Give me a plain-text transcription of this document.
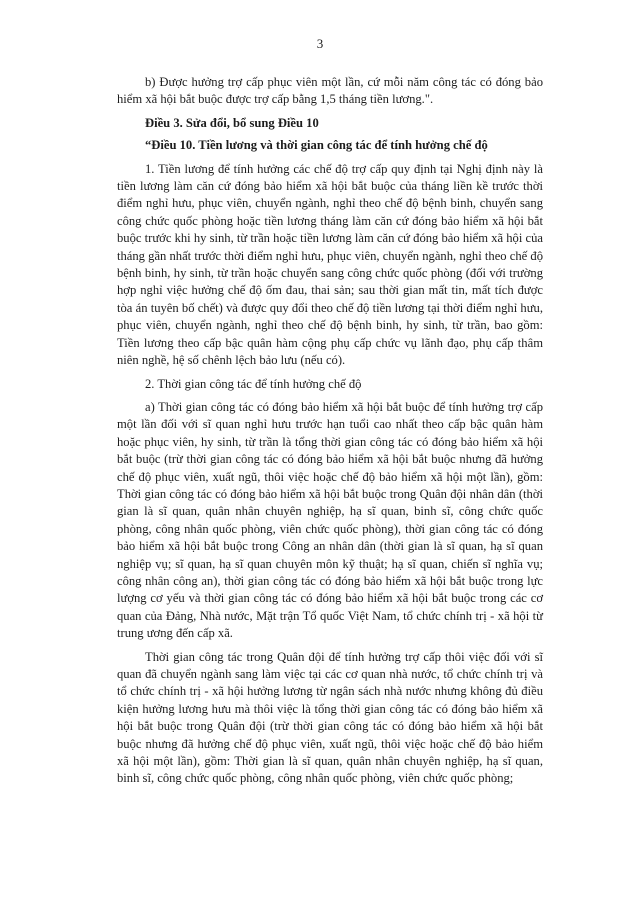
3

b) Được hưởng trợ cấp phục viên một lần, cứ mỗi năm công tác có đóng bảo hiểm xã hội bắt buộc được trợ cấp bằng 1,5 tháng tiền lương.".

Điều 3. Sửa đổi, bổ sung Điều 10

“Điều 10. Tiền lương và thời gian công tác để tính hưởng chế độ

1. Tiền lương để tính hưởng các chế độ trợ cấp quy định tại Nghị định này là tiền lương làm căn cứ đóng bảo hiểm xã hội bắt buộc của tháng liền kề trước thời điểm nghỉ hưu, phục viên, chuyển ngành, nghỉ theo chế độ bệnh binh, chuyển sang công chức quốc phòng hoặc tiền lương tháng làm căn cứ đóng bảo hiểm xã hội bắt buộc trước khi hy sinh, từ trần hoặc tiền lương làm căn cứ đóng bảo hiểm xã hội của tháng gần nhất trước thời điểm nghỉ hưu, phục viên, chuyển ngành, nghỉ theo chế độ bệnh binh, hy sinh, từ trần hoặc chuyển sang công chức quốc phòng (đối với trường hợp nghỉ việc hưởng chế độ ốm đau, thai sản; sau thời gian mất tin, mất tích được tòa án tuyên bố chết) và được quy đổi theo chế độ tiền lương tại thời điểm nghỉ hưu, phục viên, chuyển ngành, nghỉ theo chế độ bệnh binh, hy sinh, từ trần, bao gồm: Tiền lương theo cấp bậc quân hàm cộng phụ cấp chức vụ lãnh đạo, phụ cấp thâm niên nghề, hệ số chênh lệch bảo lưu (nếu có).

2. Thời gian công tác để tính hưởng chế độ

a) Thời gian công tác có đóng bảo hiểm xã hội bắt buộc để tính hưởng trợ cấp một lần đối với sĩ quan nghỉ hưu trước hạn tuổi cao nhất theo cấp bậc quân hàm hoặc phục viên, hy sinh, từ trần là tổng thời gian công tác có đóng bảo hiểm xã hội bắt buộc (trừ thời gian công tác có đóng bảo hiểm xã hội bắt buộc nhưng đã hưởng chế độ phục viên, xuất ngũ, thôi việc hoặc chế độ bảo hiểm xã hội một lần), gồm: Thời gian công tác có đóng bảo hiểm xã hội bắt buộc trong Quân đội nhân dân (thời gian là sĩ quan, quân nhân chuyên nghiệp, hạ sĩ quan, binh sĩ, công chức quốc phòng, công nhân quốc phòng, viên chức quốc phòng), thời gian công tác có đóng bảo hiểm xã hội bắt buộc trong Công an nhân dân (thời gian là sĩ quan, hạ sĩ quan nghiệp vụ; sĩ quan, hạ sĩ quan chuyên môn kỹ thuật; hạ sĩ quan, chiến sĩ nghĩa vụ; công nhân công an), thời gian công tác có đóng bảo hiểm xã hội bắt buộc trong lực lượng cơ yếu và thời gian công tác có đóng bảo hiểm xã hội bắt buộc trong các cơ quan của Đảng, Nhà nước, Mặt trận Tổ quốc Việt Nam, tổ chức chính trị - xã hội từ trung ương đến cấp xã.

Thời gian công tác trong Quân đội để tính hưởng trợ cấp thôi việc đối với sĩ quan đã chuyển ngành sang làm việc tại các cơ quan nhà nước, tổ chức chính trị và tổ chức chính trị - xã hội hưởng lương từ ngân sách nhà nước nhưng không đủ điều kiện hưởng lương hưu mà thôi việc là tổng thời gian công tác có đóng bảo hiểm xã hội bắt buộc trong Quân đội (trừ thời gian công tác có đóng bảo hiểm xã hội bắt buộc nhưng đã hưởng chế độ phục viên, xuất ngũ, thôi việc hoặc chế độ bảo hiểm xã hội một lần), gồm: Thời gian là sĩ quan, quân nhân chuyên nghiệp, hạ sĩ quan, binh sĩ, công chức quốc phòng, công nhân quốc phòng, viên chức quốc phòng;
